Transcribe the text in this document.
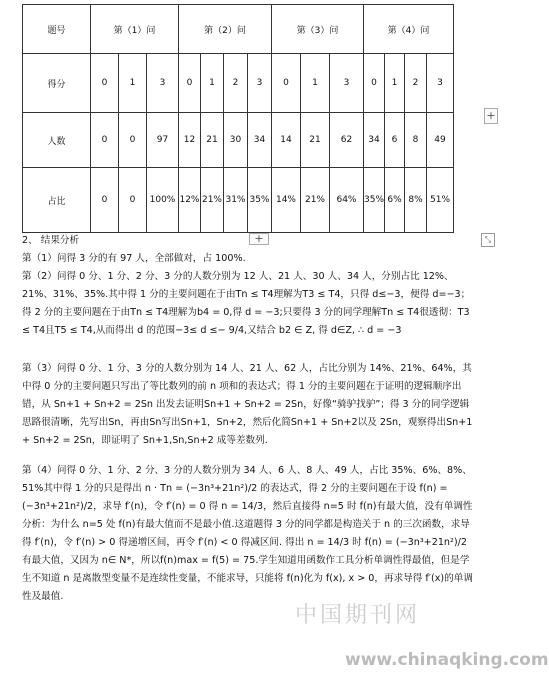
题号	第（1）问			第（2）问				第（3）问			第（4）问			
得分	0	1	3	0	1	2	3	0	1	3	0	1	2	3
人数	0	0	97	12	21	30	34	14	21	62	34	6	8	49
占比	0	0	100%	12%	21%	31%	35%	14%	21%	64%	35%	6%	8%	51%
+
+	⤡

2、 结果分析

第（1）问得 3 分的有 97 人，全部做对，占 100%.

第（2）问得 0 分、1 分、2 分、3 分的人数分别为 12 人、21 人、30 人、34 人，分别占比 12%、21%、31%、35%.其中得 1 分的主要问题在于由Tn ≤ T4理解为T3 ≤ T4，只得 d≤−3，便得 d=−3；得 2 分的主要问题在于由Tn ≤ T4理解为b4 = 0,得 d = −3;只要得 3 分的同学理解Tn ≤ T4很透彻：T3 ≤ T4且T5 ≤ T4,从而得出 d 的范围−3≤ d ≤− 9/4,又结合 b2 ∈ Z, 得 d∈Z, ∴ d = −3

第（3）问得 0 分、1 分、3 分的人数分别为 14 人、21 人、62 人，占比分别为 14%、21%、64%，其中得 0 分的主要问题只写出了等比数列的前 n 项和的表达式；得 1 分的主要问题在于证明的逻辑顺序出错，从 Sn+1 + Sn+2 = 2Sn 出发去证明Sn+1 + Sn+2 = 2Sn，好像“骑驴找驴”；得 3 分的同学逻辑思路很清晰，先写出Sn，再由Sn写出Sn+1，Sn+2，然后化简Sn+1 + Sn+2以及 2Sn，观察得出Sn+1 + Sn+2 = 2Sn，即证明了 Sn+1,Sn,Sn+2 成等差数列.

第（4）问得 0 分、1 分、2 分、3 分的人数分别为 34 人、6 人、8 人、49 人，占比 35%、6%、8%、51%其中得 1 分的只是得出 n · Tn = (−3n³+21n²)/2 的表达式，得 2 分的主要问题在于设 f(n) = (−3n³+21n²)/2，求导 f′(n)，令 f′(n) = 0 得 n = 14/3，然后直接得 n=5 时 f(n)有最大值，没有单调性分析：为什么 n=5 处 f(n)有最大值而不是最小值.这道题得 3 分的同学都是构造关于 n 的三次函数，求导得 f′(n)，令 f′(n) > 0 得递增区间，再令 f′(n) < 0 得减区间. 得出 n = 14/3 时 f(n) = (−3n³+21n²)/2 有最大值，又因为 n∈ N*，所以f(n)max = f(5) = 75.学生知道用函数作工具分析单调性得最值，但是学生不知道 n 是离散型变量不是连续性变量，不能求导，只能将 f(n)化为 f(x), x > 0，再求导得 f′(x)的单调性及最值.

中国期刊网
www.chinaqking.com
